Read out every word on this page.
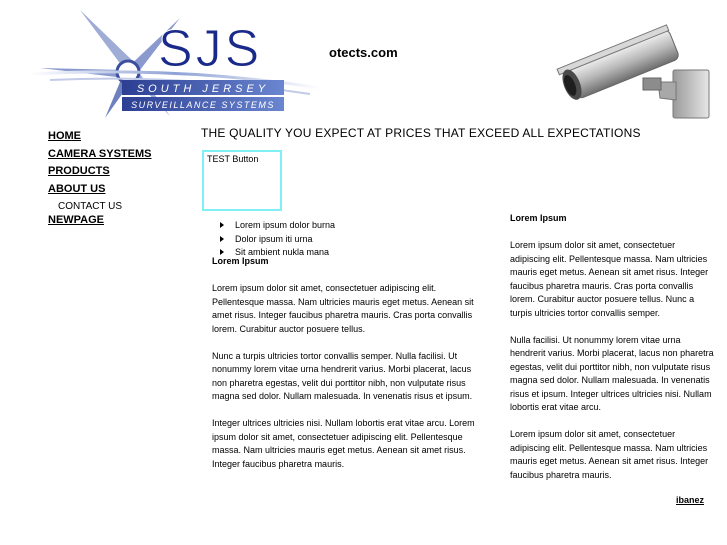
SJS
SOUTH JERSEY
SURVEILLANCE SYSTEMS
otects.com
HOME
CAMERA SYSTEMS
PRODUCTS
ABOUT US
CONTACT US
NEWPAGE
THE QUALITY YOU EXPECT AT PRICES THAT EXCEED ALL EXPECTATIONS
TEST Button
Lorem ipsum dolor burna
Dolor ipsum iti urna
Sit ambient nukla mana
Lorem Ipsum

Lorem ipsum dolor sit amet, consectetuer adipiscing elit. Pellentesque massa. Nam ultricies mauris eget metus. Aenean sit amet risus. Integer faucibus pharetra mauris. Cras porta convallis lorem. Curabitur auctor posuere tellus.

Nunc a turpis ultricies tortor convallis semper. Nulla facilisi. Ut nonummy lorem vitae urna hendrerit varius. Morbi placerat, lacus non pharetra egestas, velit dui porttitor nibh, non vulputate risus magna sed dolor. Nullam malesuada. In venenatis risus et ipsum.

Integer ultrices ultricies nisi. Nullam lobortis erat vitae arcu. Lorem ipsum dolor sit amet, consectetuer adipiscing elit. Pellentesque massa. Nam ultricies mauris eget metus. Aenean sit amet risus. Integer faucibus pharetra mauris.

Lorem Ipsum

Lorem ipsum dolor sit amet, consectetuer adipiscing elit. Pellentesque massa. Nam ultricies mauris eget metus. Aenean sit amet risus. Integer faucibus pharetra mauris. Cras porta convallis lorem. Curabitur auctor posuere tellus. Nunc a turpis ultricies tortor convallis semper.

Nulla facilisi. Ut nonummy lorem vitae urna hendrerit varius. Morbi placerat, lacus non pharetra egestas, velit dui porttitor nibh, non vulputate risus magna sed dolor. Nullam malesuada. In venenatis risus et ipsum. Integer ultrices ultricies nisi. Nullam lobortis erat vitae arcu.

Lorem ipsum dolor sit amet, consectetuer adipiscing elit. Pellentesque massa. Nam ultricies mauris eget metus. Aenean sit amet risus. Integer faucibus pharetra mauris.

ibanez
